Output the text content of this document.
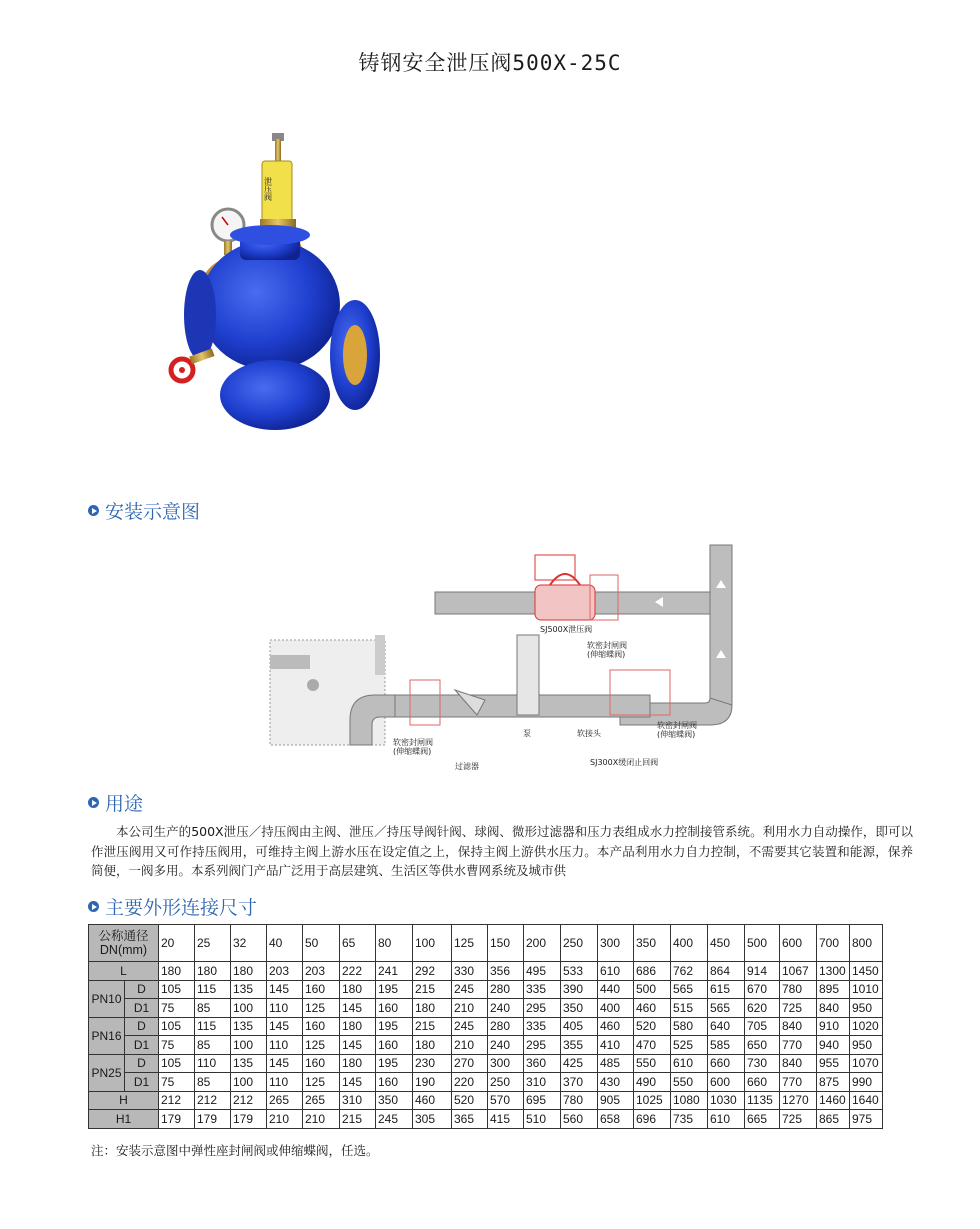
铸钢安全泄压阀500X-25C
泄压阀
安装示意图
SJ500X泄压阀
软密封闸阀
(伸缩蝶阀)
泵	软接头
软密封闸阀
(伸缩蝶阀)
软密封闸阀
(伸缩蝶阀)
过滤器	SJ300X缓闭止回阀
用途

本公司生产的500X泄压／持压阀由主阀、泄压／持压导阀针阀、球阀、微形过滤器和压力表组成水力控制接管系统。利用水力自动操作，即可以作泄压阀用又可作持压阀用，可维持主阀上游水压在设定值之上，保持主阀上游供水压力。本产品利用水力自力控制，不需要其它装置和能源，保养简便，一阀多用。本系列阀门产品广泛用于高层建筑、生活区等供水曹网系统及城市供

主要外形连接尺寸
公称通径
DN(mm)		20	25	32	40	50	65	80	100	125	150	200	250	300	350	400	450	500	600	700	800
L		180	180	180	203	203	222	241	292	330	356	495	533	610	686	762	864	914	1067	1300	1450
PN10	D	105	115	135	145	160	180	195	215	245	280	335	390	440	500	565	615	670	780	895	1010
	D1	75	85	100	110	125	145	160	180	210	240	295	350	400	460	515	565	620	725	840	950
PN16	D	105	115	135	145	160	180	195	215	245	280	335	405	460	520	580	640	705	840	910	1020
	D1	75	85	100	110	125	145	160	180	210	240	295	355	410	470	525	585	650	770	940	950
PN25	D	105	110	135	145	160	180	195	230	270	300	360	425	485	550	610	660	730	840	955	1070
	D1	75	85	100	110	125	145	160	190	220	250	310	370	430	490	550	600	660	770	875	990
H		212	212	212	265	265	310	350	460	520	570	695	780	905	1025	1080	1030	1135	1270	1460	1640
H1		179	179	179	210	210	215	245	305	365	415	510	560	658	696	735	610	665	725	865	975
注：安装示意图中弹性座封闸阀或伸缩蝶阀，任选。
